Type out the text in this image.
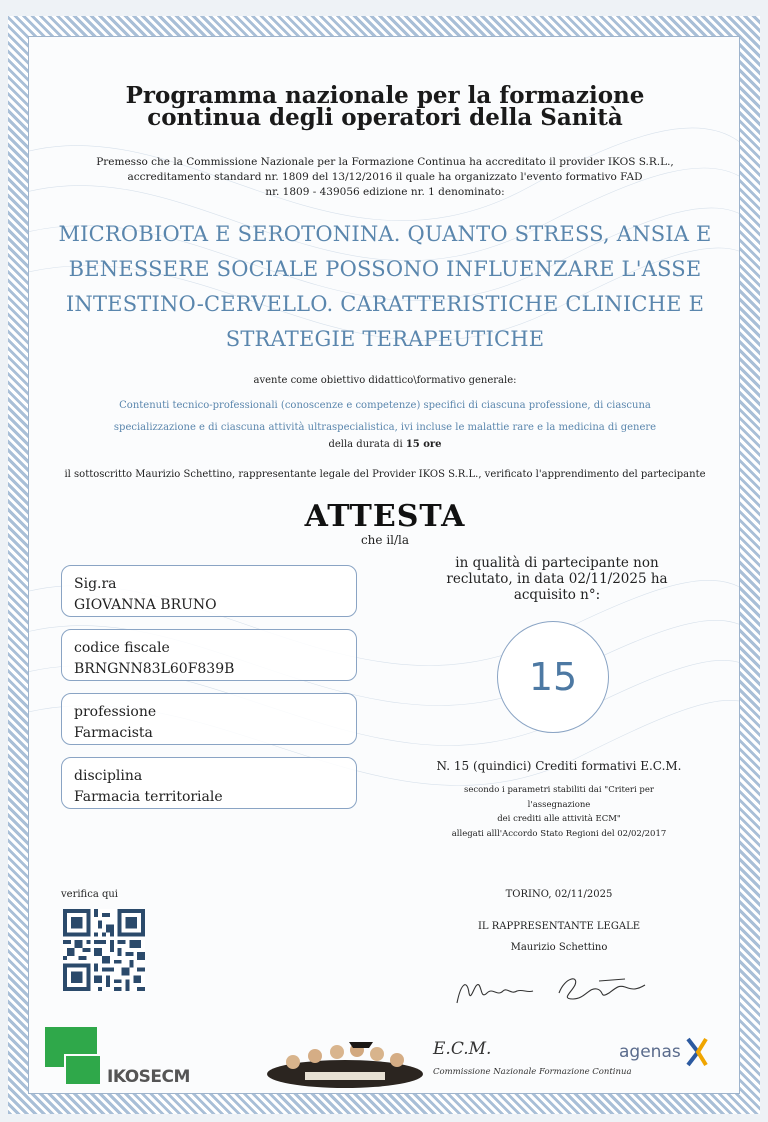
Programma nazionale per la formazione
continua degli operatori della Sanità
Premesso che la Commissione Nazionale per la Formazione Continua ha accreditato il provider IKOS S.R.L.,
accreditamento standard nr. 1809 del 13/12/2016 il quale ha organizzato l'evento formativo FAD
nr. 1809 - 439056 edizione nr. 1 denominato:
MICROBIOTA E SEROTONINA. QUANTO STRESS, ANSIA E
BENESSERE SOCIALE POSSONO INFLUENZARE L'ASSE
INTESTINO-CERVELLO. CARATTERISTICHE CLINICHE E
STRATEGIE TERAPEUTICHE
avente come obiettivo didattico\formativo generale:
Contenuti tecnico-professionali (conoscenze e competenze) specifici di ciascuna professione, di ciascuna
specializzazione e di ciascuna attività ultraspecialistica, ivi incluse le malattie rare e la medicina di genere
della durata di 15 ore
il sottoscritto Maurizio Schettino, rappresentante legale del Provider IKOS S.R.L., verificato l'apprendimento del partecipante
ATTESTA
che il/la
Sig.ra
GIOVANNA BRUNO
codice fiscale
BRNGNN83L60F839B
professione
Farmacista
disciplina
Farmacia territoriale
in qualità di partecipante non
reclutato, in data 02/11/2025 ha
acquisito n°:
15
N. 15 (quindici) Crediti formativi E.C.M.
secondo i parametri stabiliti dai "Criteri per
l'assegnazione
dei crediti alle attività ECM"
allegati alll'Accordo Stato Regioni del 02/02/2017
verifica qui	TORINO, 02/11/2025
IL RAPPRESENTANTE LEGALE
Maurizio Schettino
IKOSECM
E.C.M.
Commissione Nazionale Formazione Continua
agenas
